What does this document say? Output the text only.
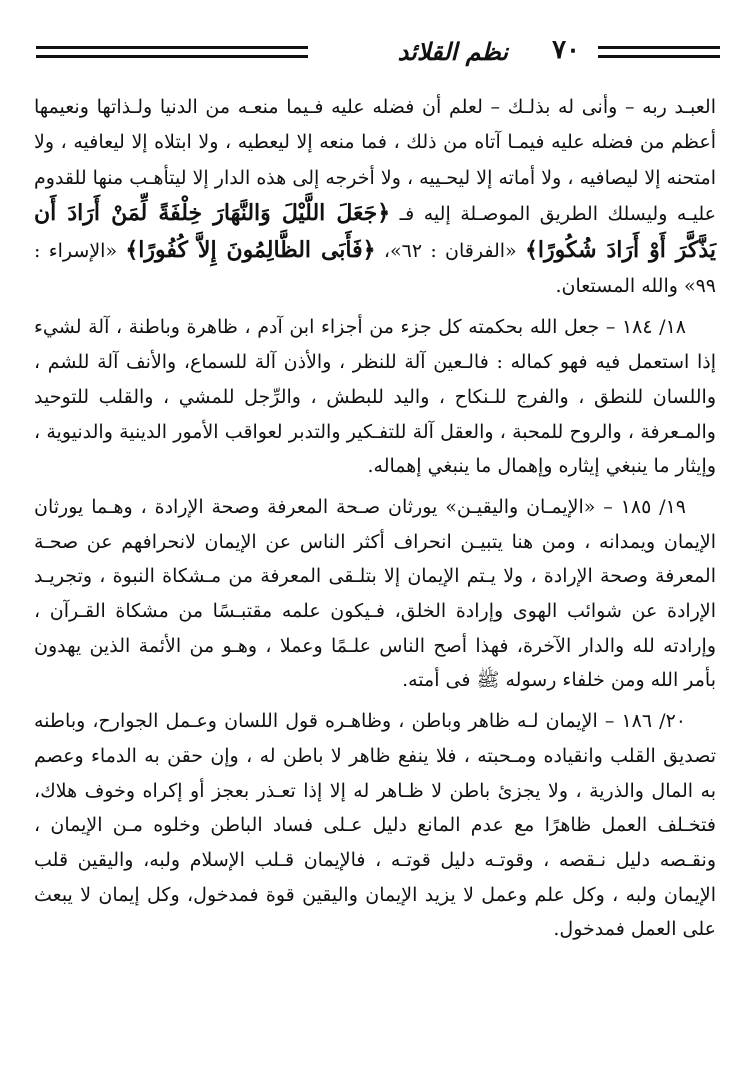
٧٠
نظم القلائد

العبـد ربه – وأنى له بذلـك – لعلم أن فضله عليه فـيما منعـه من الدنيا ولـذاتها ونعيمها أعظم من فضله عليه فيمـا آتاه من ذلك ، فما منعه إلا ليعطيه ، ولا ابتلاه إلا ليعافيه ، ولا امتحنه إلا ليصافيه ، ولا أماته إلا ليحـييه ، ولا أخرجه إلى هذه الدار إلا ليتأهـب منها للقدوم عليـه وليسلك الطريق الموصـلة إليه فـ ﴿جَعَلَ اللَّيْلَ وَالنَّهَارَ خِلْفَةً لِّمَنْ أَرَادَ أَن يَذَّكَّرَ أَوْ أَرَادَ شُكُورًا﴾ «الفرقان : ٦٢»، ﴿فَأَبَى الظَّالِمُونَ إِلاَّ كُفُورًا﴾ «الإسراء : ٩٩» والله المستعان.

١٨/ ١٨٤ – جعل الله بحكمته كل جزء من أجزاء ابن آدم ، ظاهرة وباطنة ، آلة لشيء إذا استعمل فيه فهو كماله : فالـعين آلة للنظر ، والأذن آلة للسماع، والأنف آلة للشم ، واللسان للنطق ، والفرج للـنكاح ، واليد للبطش ، والرِّجل للمشي ، والقلب للتوحيد والمـعرفة ، والروح للمحبة ، والعقل آلة للتفـكير والتدبر لعواقب الأمور الدينية والدنيوية ، وإيثار ما ينبغي إيثاره وإهمال ما ينبغي إهماله.

١٩/ ١٨٥ – «الإيمـان واليقيـن» يورثان صـحة المعرفة وصحة الإرادة ، وهـما يورثان الإيمان ويمدانه ، ومن هنا يتبيـن انحراف أكثر الناس عن الإيمان لانحرافهم عن صحـة المعرفة وصحة الإرادة ، ولا يـتم الإيمان إلا بتلـقى المعرفة من مـشكاة النبوة ، وتجريـد الإرادة عن شوائب الهوى وإرادة الخلق، فـيكون علمه مقتبـسًا من مشكاة القـرآن ، وإرادته لله والدار الآخرة، فهذا أصح الناس علـمًا وعملا ، وهـو من الأئمة الذين يهدون بأمر الله ومن خلفاء رسوله ﷺ فى أمته.

٢٠/ ١٨٦ – الإيمان لـه ظاهر وباطن ، وظاهـره قول اللسان وعـمل الجوارح، وباطنه تصديق القلب وانقياده ومـحبته ، فلا ينفع ظاهر لا باطن له ، وإن حقن به الدماء وعصم به المال والذرية ، ولا يجزئ باطن لا ظـاهر له إلا إذا تعـذر بعجز أو إكراه وخوف هلاك، فتخـلف العمل ظاهرًا مع عدم المانع دليل عـلى فساد الباطن وخلوه مـن الإيمان ، ونقـصه دليل نـقصه ، وقوتـه دليل قوتـه ، فالإيمان قـلب الإسلام ولبه، واليقين قلب الإيمان ولبه ، وكل علم وعمل لا يزيد الإيمان واليقين قوة فمدخول، وكل إيمان لا يبعث على العمل فمدخول.
